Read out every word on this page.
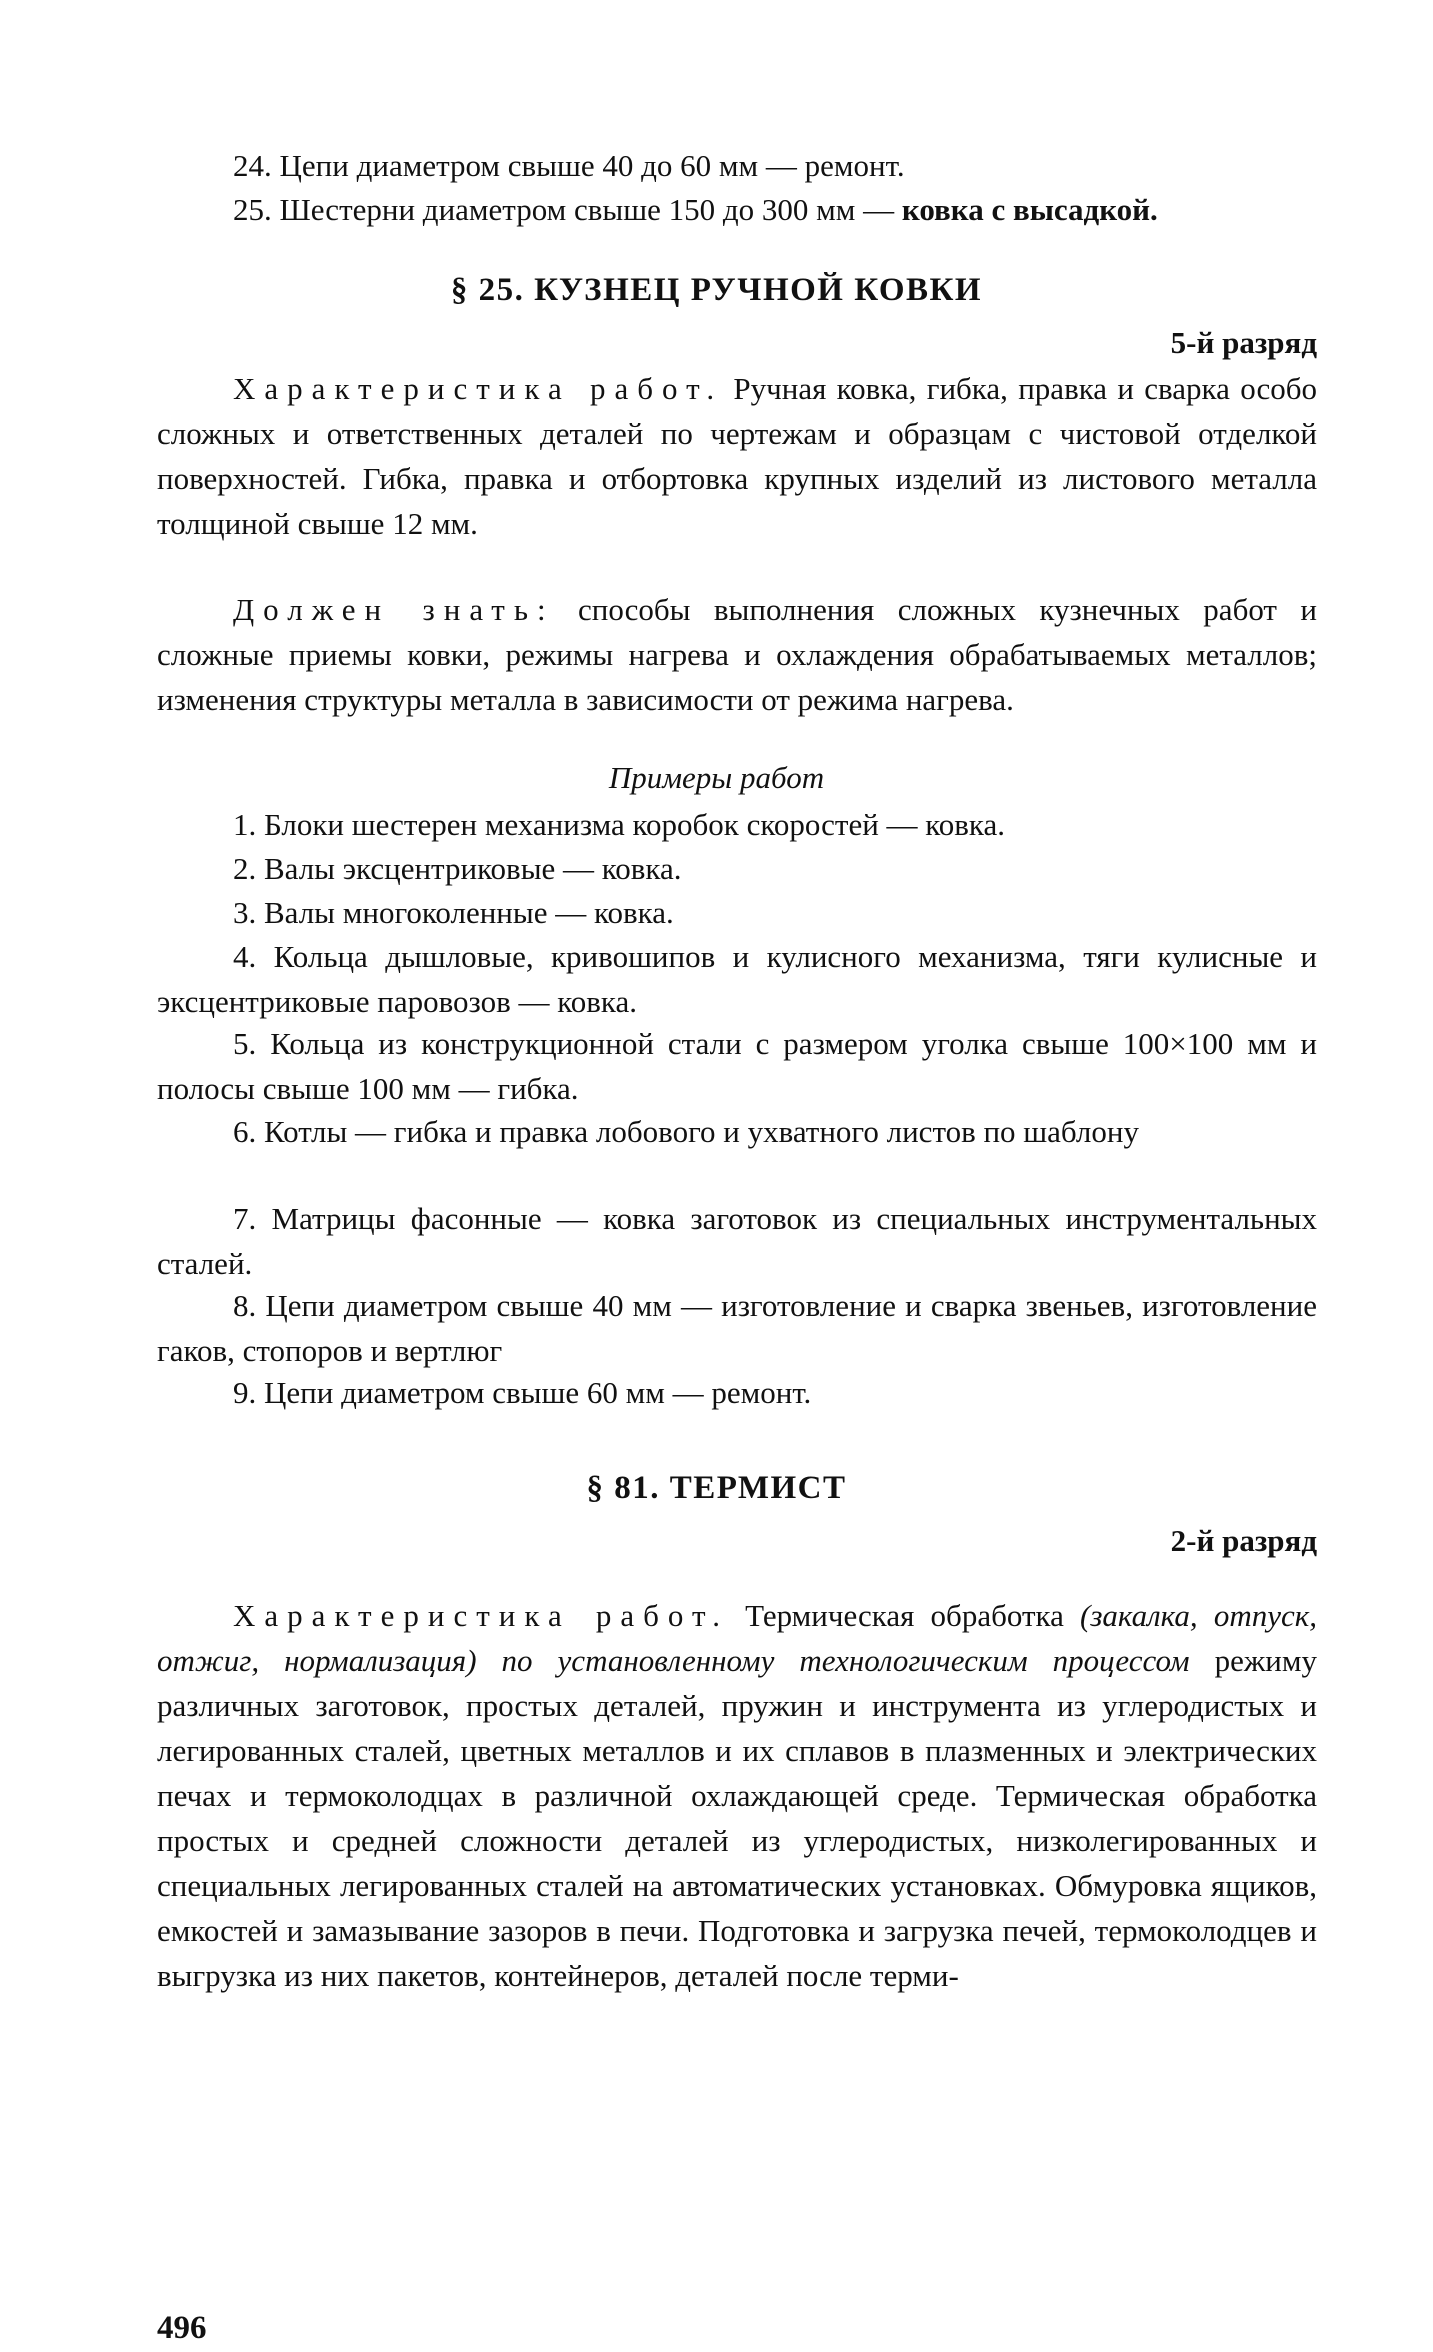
24. Цепи диаметром свыше 40 до 60 мм — ремонт.

25. Шестерни диаметром свыше 150 до 300 мм — ковка с высадкой.

§ 25. КУЗНЕЦ РУЧНОЙ КОВКИ

5-й разряд

Характеристика работ. Ручная ковка, гибка, правка и сварка особо сложных и ответственных деталей по чертежам и образцам с чистовой отделкой поверхностей. Гибка, правка и отбортовка крупных изделий из листового металла толщиной свыше 12 мм.

Должен знать: способы выполнения сложных кузнечных работ и сложные приемы ковки, режимы нагрева и охлаждения обрабатываемых металлов; изменения структуры металла в зависимости от режима нагрева.

Примеры работ

1. Блоки шестерен механизма коробок скоростей — ковка.

2. Валы эксцентриковые — ковка.

3. Валы многоколенные — ковка.

4. Кольца дышловые, кривошипов и кулисного механизма, тяги кулисные и эксцентриковые паровозов — ковка.

5. Кольца из конструкционной стали с размером уголка свыше 100×100 мм и полосы свыше 100 мм — гибка.

6. Котлы — гибка и правка лобового и ухватного листов по шаблону

7. Матрицы фасонные — ковка заготовок из специальных инструментальных сталей.

8. Цепи диаметром свыше 40 мм — изготовление и сварка звеньев, изготовление гаков, стопоров и вертлюг

9. Цепи диаметром свыше 60 мм — ремонт.

§ 81. ТЕРМИСТ

2-й разряд

Характеристика работ. Термическая обработка (закалка, отпуск, отжиг, нормализация) по установленному технологическим процессом режиму различных заготовок, простых деталей, пружин и инструмента из углеродистых и легированных сталей, цветных металлов и их сплавов в плазменных и электрических печах и термоколодцах в различной охлаждающей среде. Термическая обработка простых и средней сложности деталей из углеродистых, низколегированных и специальных легированных сталей на автоматических установках. Обмуровка ящиков, емкостей и замазывание зазоров в печи. Подготовка и загрузка печей, термоколодцев и выгрузка из них пакетов, контейнеров, деталей после терми-

496
